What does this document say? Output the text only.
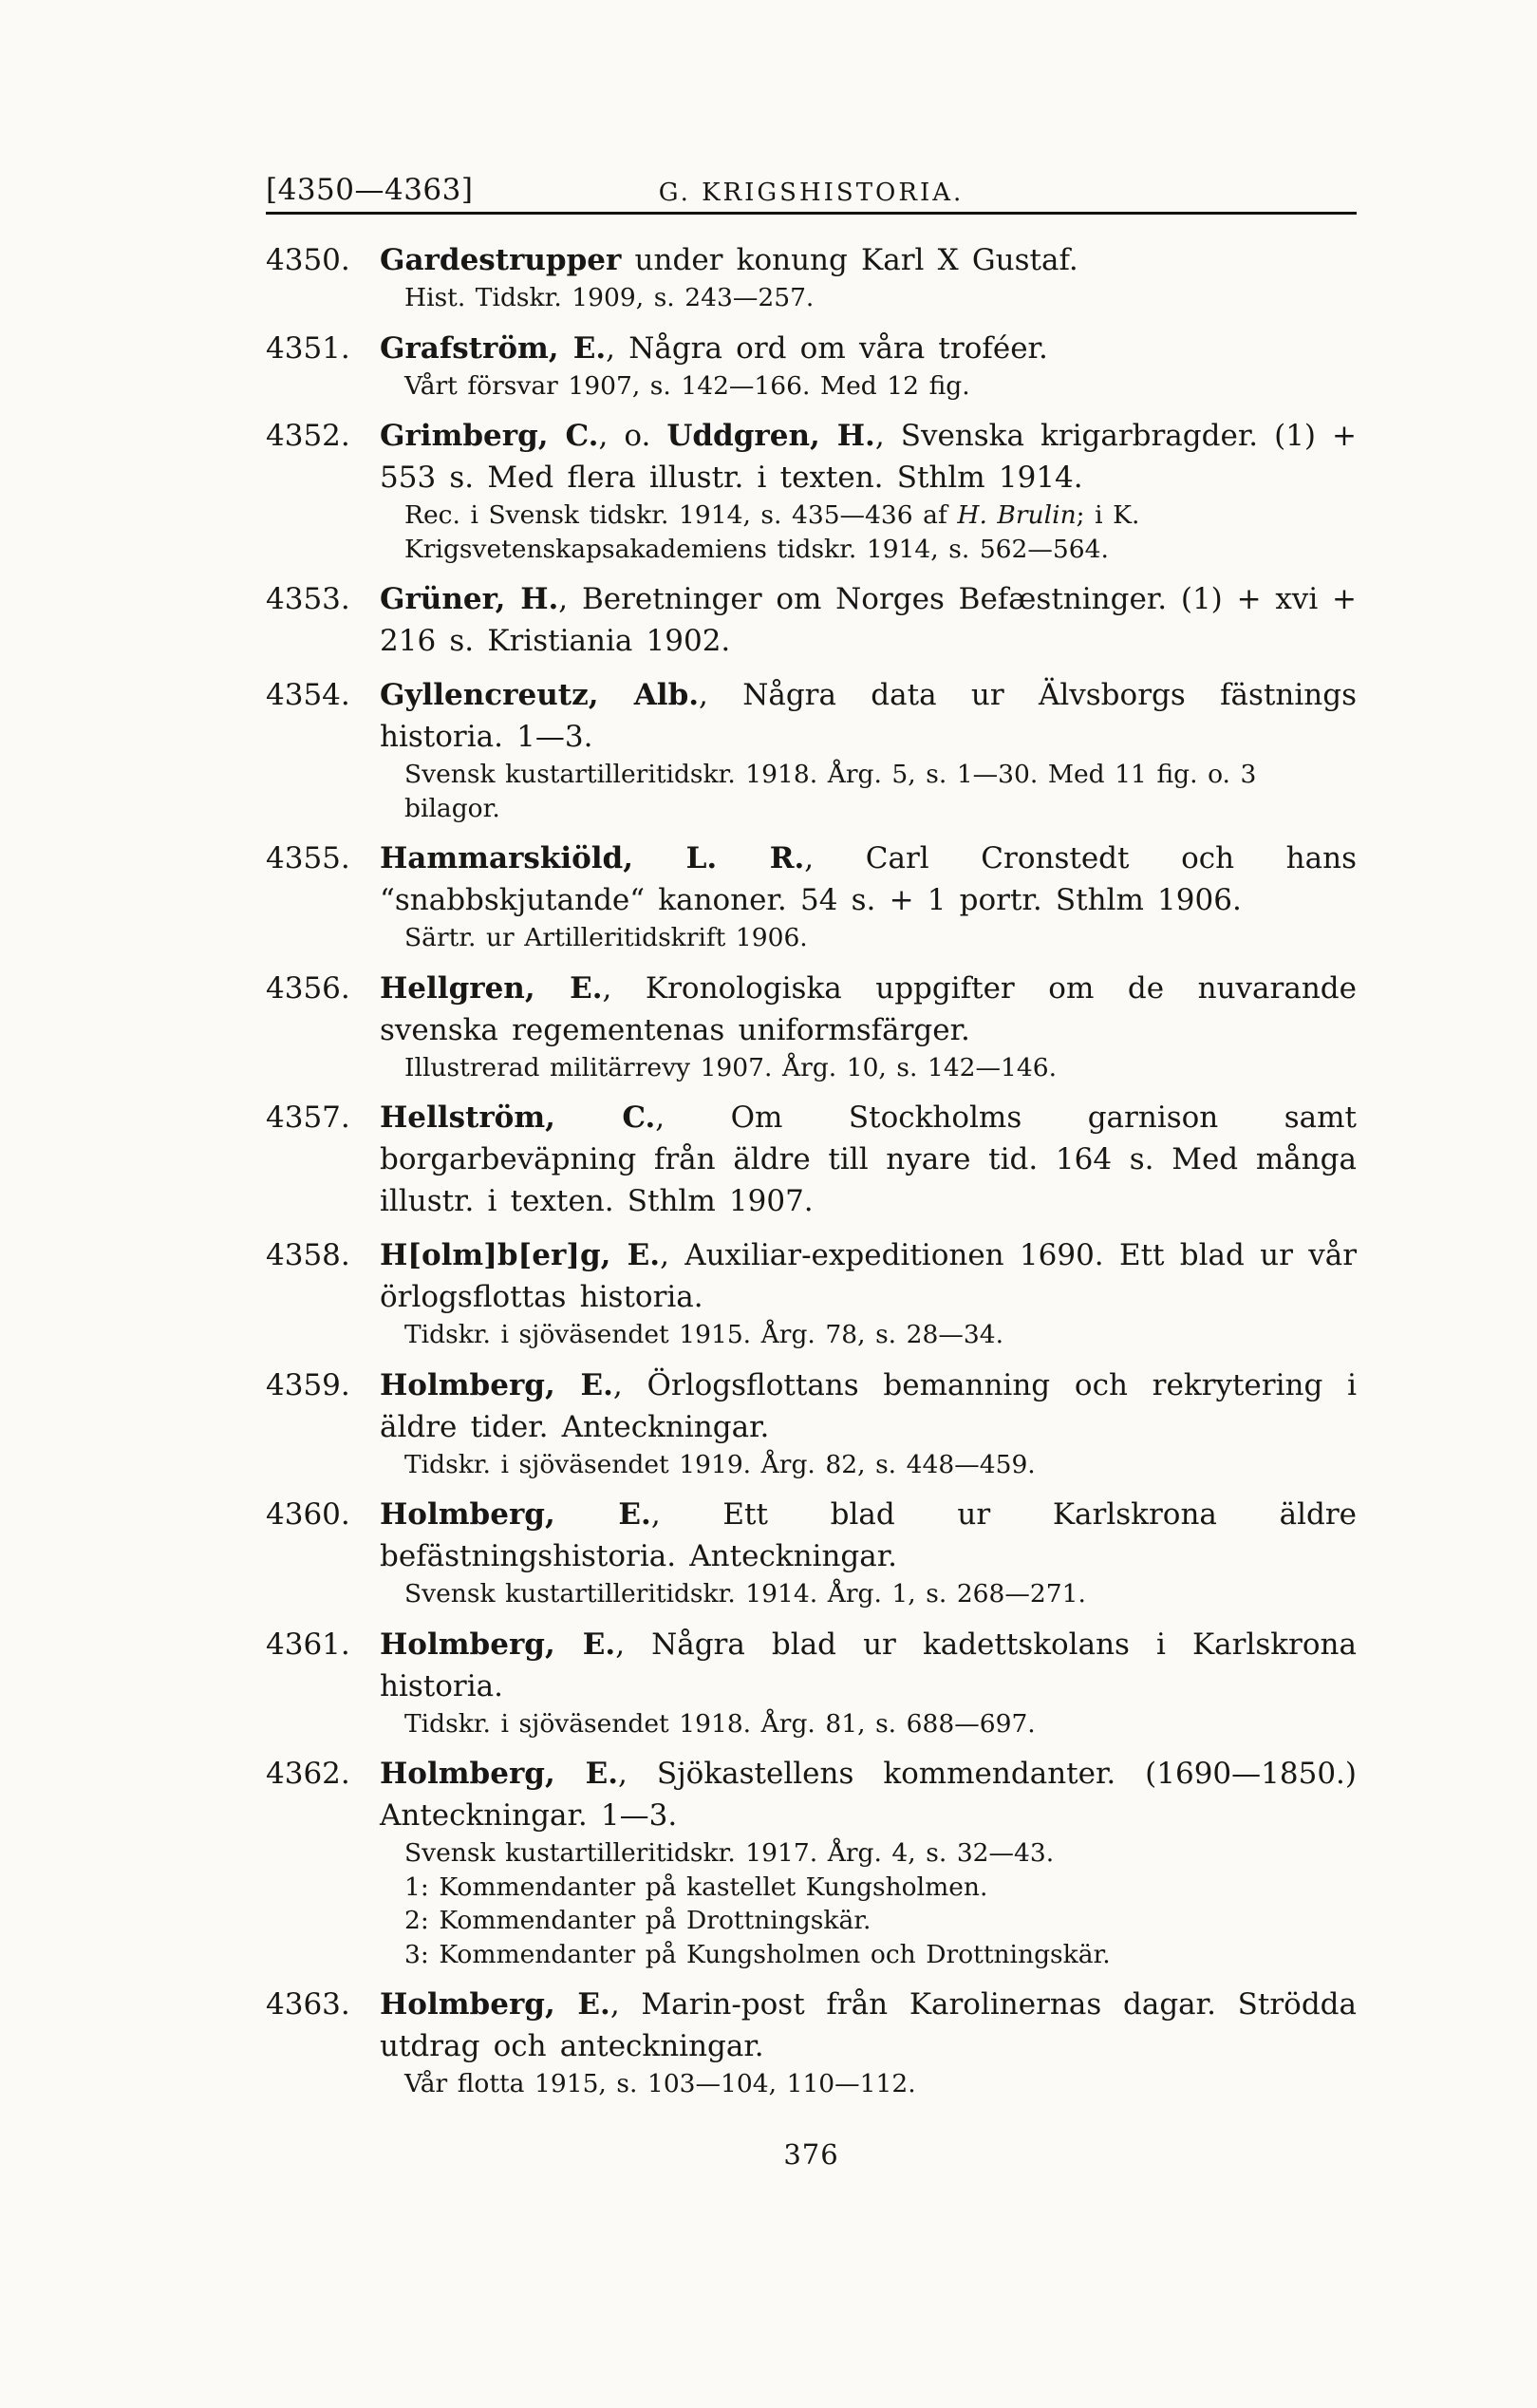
[4350—4363]	G. KRIGSHISTORIA.
4350.	Gardestrupper under konung Karl X Gustaf.

Hist. Tidskr. 1909, s. 243—257.
4351.	Grafström, E., Några ord om våra troféer.

Vårt försvar 1907, s. 142—166. Med 12 fig.
4352.	Grimberg, C., o. Uddgren, H., Svenska krigarbragder. (1) + 553 s. Med flera illustr. i texten. Sthlm 1914.

Rec. i Svensk tidskr. 1914, s. 435—436 af H. Brulin; i K. Krigsvetenskapsakademiens tidskr. 1914, s. 562—564.
4353.	Grüner, H., Beretninger om Norges Befæstninger. (1) + xvi + 216 s. Kristiania 1902.

4354.	Gyllencreutz, Alb., Några data ur Älvsborgs fästnings historia. 1—3.

Svensk kustartilleritidskr. 1918. Årg. 5, s. 1—30. Med 11 fig. o. 3 bilagor.
4355.	Hammarskiöld, L. R., Carl Cronstedt och hans “snabbskjutande“ kanoner. 54 s. + 1 portr. Sthlm 1906.

Särtr. ur Artilleritidskrift 1906.
4356.	Hellgren, E., Kronologiska uppgifter om de nuvarande svenska regementenas uniformsfärger.

Illustrerad militärrevy 1907. Årg. 10, s. 142—146.
4357.	Hellström, C., Om Stockholms garnison samt borgarbeväpning från äldre till nyare tid. 164 s. Med många illustr. i texten. Sthlm 1907.

4358.	H[olm]b[er]g, E., Auxiliar-expeditionen 1690. Ett blad ur vår örlogsflottas historia.

Tidskr. i sjöväsendet 1915. Årg. 78, s. 28—34.
4359.	Holmberg, E., Örlogsflottans bemanning och rekrytering i äldre tider. Anteckningar.

Tidskr. i sjöväsendet 1919. Årg. 82, s. 448—459.
4360.	Holmberg, E., Ett blad ur Karlskrona äldre befästningshistoria. Anteckningar.

Svensk kustartilleritidskr. 1914. Årg. 1, s. 268—271.
4361.	Holmberg, E., Några blad ur kadettskolans i Karlskrona historia.

Tidskr. i sjöväsendet 1918. Årg. 81, s. 688—697.
4362.	Holmberg, E., Sjökastellens kommendanter. (1690—1850.) Anteckningar. 1—3.

Svensk kustartilleritidskr. 1917. Årg. 4, s. 32—43.
1: Kommendanter på kastellet Kungsholmen.
2: Kommendanter på Drottningskär.
3: Kommendanter på Kungsholmen och Drottningskär.
4363.	Holmberg, E., Marin-post från Karolinernas dagar. Strödda utdrag och anteckningar.

Vår flotta 1915, s. 103—104, 110—112.
376
